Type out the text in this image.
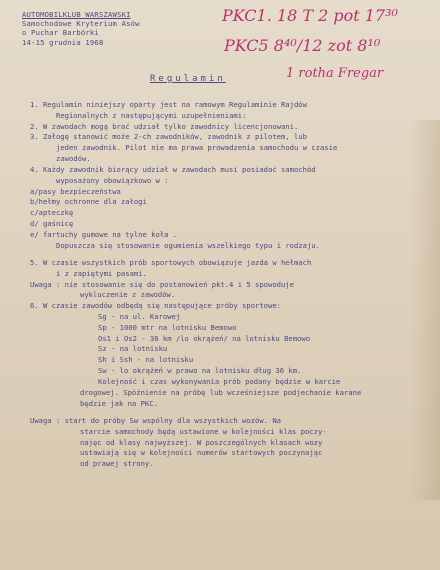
AUTOMOBILKLUB WARSZAWSKI
Samochodowe Kryterium Asów
o Puchar Barbórki
14-15 grudnia 1968
PKC1. 18 T 2 pot 17³⁰
PKC5 8⁴⁰/12 zot 8¹⁰
1 rotha Fregar
Regulamin
1. Regulamin niniejszy oparty jest na ramowym Regulaminie Rajdów
Regionalnych z następującymi uzupełnieniami:
2. W zawodach mogą brać udział tylko zawodnicy licencjonowani.
3. Załogę stanowić może 2-ch zawodników, zawodnik z pilotem, lub
jeden zawodnik. Pilot nie ma prawa prowadzenia samochodu w czasie
zawodów.
4. Każdy zawodnik biorący udział w zawodach musi posiadać samochód
wyposażony obowiązkowo w :
a/pasy bezpieczeństwa
b/hełmy ochronne dla załogi
c/apteczkę
d/ gaśnicę
e/ fartuchy gumowe na tylne koła .
Dopuszcza się stosowanie ogumienia wszelkiego typu i rodzaju.
5. W czasie wszystkich prób sportowych obowiązuje jazda w hełmach
i z zapiętymi pasami.
Uwaga : nie stosowanie się do postanowień pkt.4 i 5 spowoduje
wykluczenie z zawodów.
6. W czasie zawodów odbędą się następujące próby sportowe:
Sg - na ul. Karowej
Sp - 1000 mtr na lotnisku Bemowo
Os1 i Os2 - 36 km /lo okrążeń/ na lotnisku Bemowo
Sz - na lotnisku
Sh i Ssh - na lotnisku
Sw - lo okrążeń w prawo na lotnisku dług 36 km.
Kolejność i czas wykonywania prób podany będzie w karcie
drogowej. Spóźnienie na próbę lub wcześniejsze podjechanie karane
będzie jak na PKC.
Uwaga : start do próby Sw wspólny dla wszystkich wozów. Na
starcie samochody będą ustawione w kolejności klas poczy-
najęc od klasy najwyższej. W poszczególnych klasach wozy
ustawiają się w kolejności numerów startowych poczynając
od prawej strony.
